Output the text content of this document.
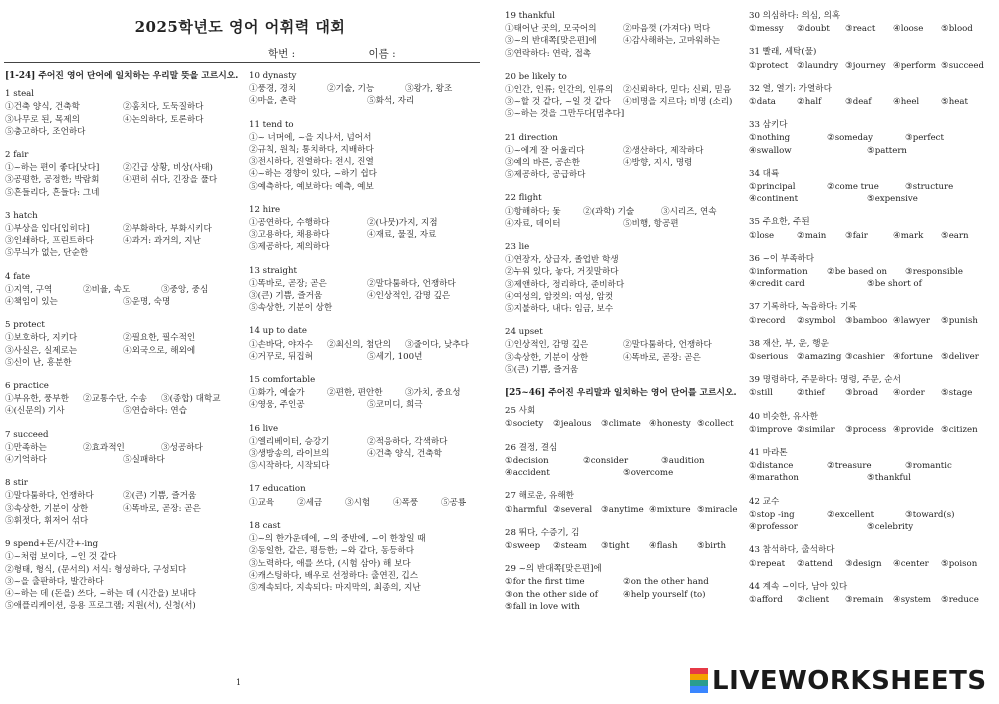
2025학년도 영어 어휘력 대회
학번 :	이름 :
[1-24] 주어진 영어 단어에 일치하는 우리말 뜻을 고르시오.
1 steal
①건축 양식, 건축학	②훔치다, 도둑질하다
③나무로 된, 목제의	④논의하다, 토론하다
⑤충고하다, 조언하다
2 fair
①~하는 편이 좋다[낫다]	②긴급 상황, 비상(사태)
③공평한, 공정한; 박람회	④편히 쉬다, 긴장을 풀다
⑤흔들리다, 흔들다: 그네
3 hatch
①부상을 입다[입히다]	②부화하다, 부화시키다
③인쇄하다, 프린트하다	④과거: 과거의, 지난
⑤무늬가 없는, 단순한
4 fate
①지역, 구역	②비율, 속도	③중앙, 중심
④책임이 있는	⑤운명, 숙명
5 protect
①보호하다, 지키다	②필요한, 필수적인
③사실은, 실제로는	④외국으로, 해외에
⑤신이 난, 흥분한
6 practice
①부유한, 풍부한 ②교통수단, 수송 ③(종합) 대학교
④(신문의) 기사	⑤연습하다: 연습
7 succeed
①만족하는	②효과적인	③성공하다
④기억하다	⑤실패하다
8 stir
①말다툼하다, 언쟁하다	②(큰) 기쁨, 즐거움
③속상한, 기분이 상한	④똑바로, 곧장: 곧은
⑤휘젓다, 휘저어 섞다
9 spend+돈/시간+-ing
①~처럼 보이다, ~인 것 같다
②형태, 형식, (문서의) 서식: 형성하다, 구성되다
③~을 출판하다, 발간하다
④~하는 데 (돈을) 쓰다, ~하는 데 (시간을) 보내다
⑤애플리케이션, 응용 프로그램; 지원(서), 신청(서)
10 dynasty
①풍경, 경치	②기술, 기능	③왕가, 왕조
④마을, 촌락	⑤화석, 자리
11 tend to
①~ 너머에, ~을 지나서, 넘어서
②규칙, 원칙; 통치하다, 지배하다
③전시하다, 진열하다: 전시, 진열
④~하는 경향이 있다, ~하기 쉽다
⑤예측하다, 예보하다: 예측, 예보
12 hire
①공연하다, 수행하다	②(나뭇)가지, 지점
③고용하다, 채용하다	④재료, 물질, 자료
⑤제공하다, 제의하다
13 straight
①똑바로, 곧장; 곧은	②말다툼하다, 언쟁하다
③(큰) 기쁨, 즐거움	④인상적인, 감명 깊은
⑤속상한, 기분이 상한
14 up to date
①손바닥, 야자수 ②최신의, 첨단의 ③줄이다, 낮추다
④거꾸로, 뒤집혀	⑤세기, 100년
15 comfortable
①화가, 예술가	②편한, 편안한	③가치, 중요성
④영웅, 주인공	⑤코미디, 희극
16 live
①엘리베이터, 승강기	②적응하다, 각색하다
③생방송의, 라이브의	④건축 양식, 건축학
⑤시작하다, 시작되다
17 education
①교육	②세금	③시험	④폭풍	⑤공룡
18 cast
①~의 한가운데에, ~의 중반에, ~이 한창일 때
②동일한, 같은, 평등한; ~와 같다, 동등하다
③노력하다, 애를 쓰다, (시험 삼아) 해 보다
④캐스팅하다, 배우로 선정하다: 출연진, 깁스
⑤계속되다, 지속되다: 마지막의, 최종의, 지난
19 thankful
①태어난 곳의, 모국어의	②마음껏 (가져다) 먹다
③~의 반대쪽[맞은편]에	④감사해하는, 고마워하는
⑤연락하다: 연락, 접촉
20 be likely to
①인간, 인류; 인간의, 인류의 ②신뢰하다, 믿다; 신뢰, 믿음
③~할 것 같다, ~일 것 같다 ④비명을 지르다; 비명 (소리)
⑤~하는 것을 그만두다[멈추다]
21 direction
①~에게 잘 어울리다	②생산하다, 제작하다
③예의 바른, 공손한	④방향, 지시, 명령
⑤제공하다, 공급하다
22 flight
①항해하다; 돛	②(과학) 기술	③시리즈, 연속
④자료, 데이터	⑤비행, 항공편
23 lie
①연장자, 상급자, 졸업반 학생
②누워 있다, 놓다, 거짓말하다
③제앤하다, 정리하다, 준비하다
④여성의, 암컷의: 여성, 암컷
⑤지불하다, 내다: 임금, 보수
24 upset
①인상적인, 감명 깊은	②말다툼하다, 언쟁하다
③속상한, 기분이 상한	④똑바로, 곧장: 곧은
⑤(큰) 기쁨, 즐거움
[25~46] 주어진 우리말과 일치하는 영어 단어를 고르시오.
25 사회
①society ②jealous ③climate ④honesty ⑤collect
26 결정, 결심
①decision	②consider	③audition
④accident	⑤overcome
27 해로운, 유해한
①harmful ②several ③anytime ④mixture ⑤miracle
28 뛰다, 수증기, 김
①sweep ②steam ③tight ④flash ⑤birth
29 ~의 반대쪽[맞은편]에
①for the first time	②on the other hand
③on the other side of	④help yourself (to)
⑤fall in love with
30 의심하다: 의심, 의혹
①messy ②doubt ③react ④loose ⑤blood
31 빨래, 세탁(물)
①protect ②laundry ③journey ④perform ⑤succeed
32 열, 열기: 가열하다
①data ②half	③deaf ④heel	⑤heat
33 삼키다
①nothing	②someday	③perfect
④swallow	⑤pattern
34 대륙
①principal	②come true	③structure
④continent	⑤expensive
35 주요한, 주된
①lose	②main ③fair	④mark ⑤earn
36 ~이 부족하다
①information ②be based on ③responsible
④credit card	⑤be short of
37 기록하다, 녹음하다: 기록
①record ②symbol ③bamboo ④lawyer ⑤punish
38 재산, 부, 운, 행운
①serious ②amazing ③cashier ④fortune ⑤deliver
39 명령하다, 주문하다: 명령, 주문, 순서
①still	②thief ③broad ④order ⑤stage
40 비슷한, 유사한
①improve ②similar ③process ④provide ⑤citizen
41 마라톤
①distance	②treasure	③romantic
④marathon	⑤thankful
42 교수
①stop -ing	②excellent	③toward(s)
④professor	⑤celebrity
43 참석하다, 출석하다
①repeat ②attend ③design ④center ⑤poison
44 계속 ~이다, 남아 있다
①afford ②client ③remain ④system ⑤reduce
1	LIVEWORKSHEETS
